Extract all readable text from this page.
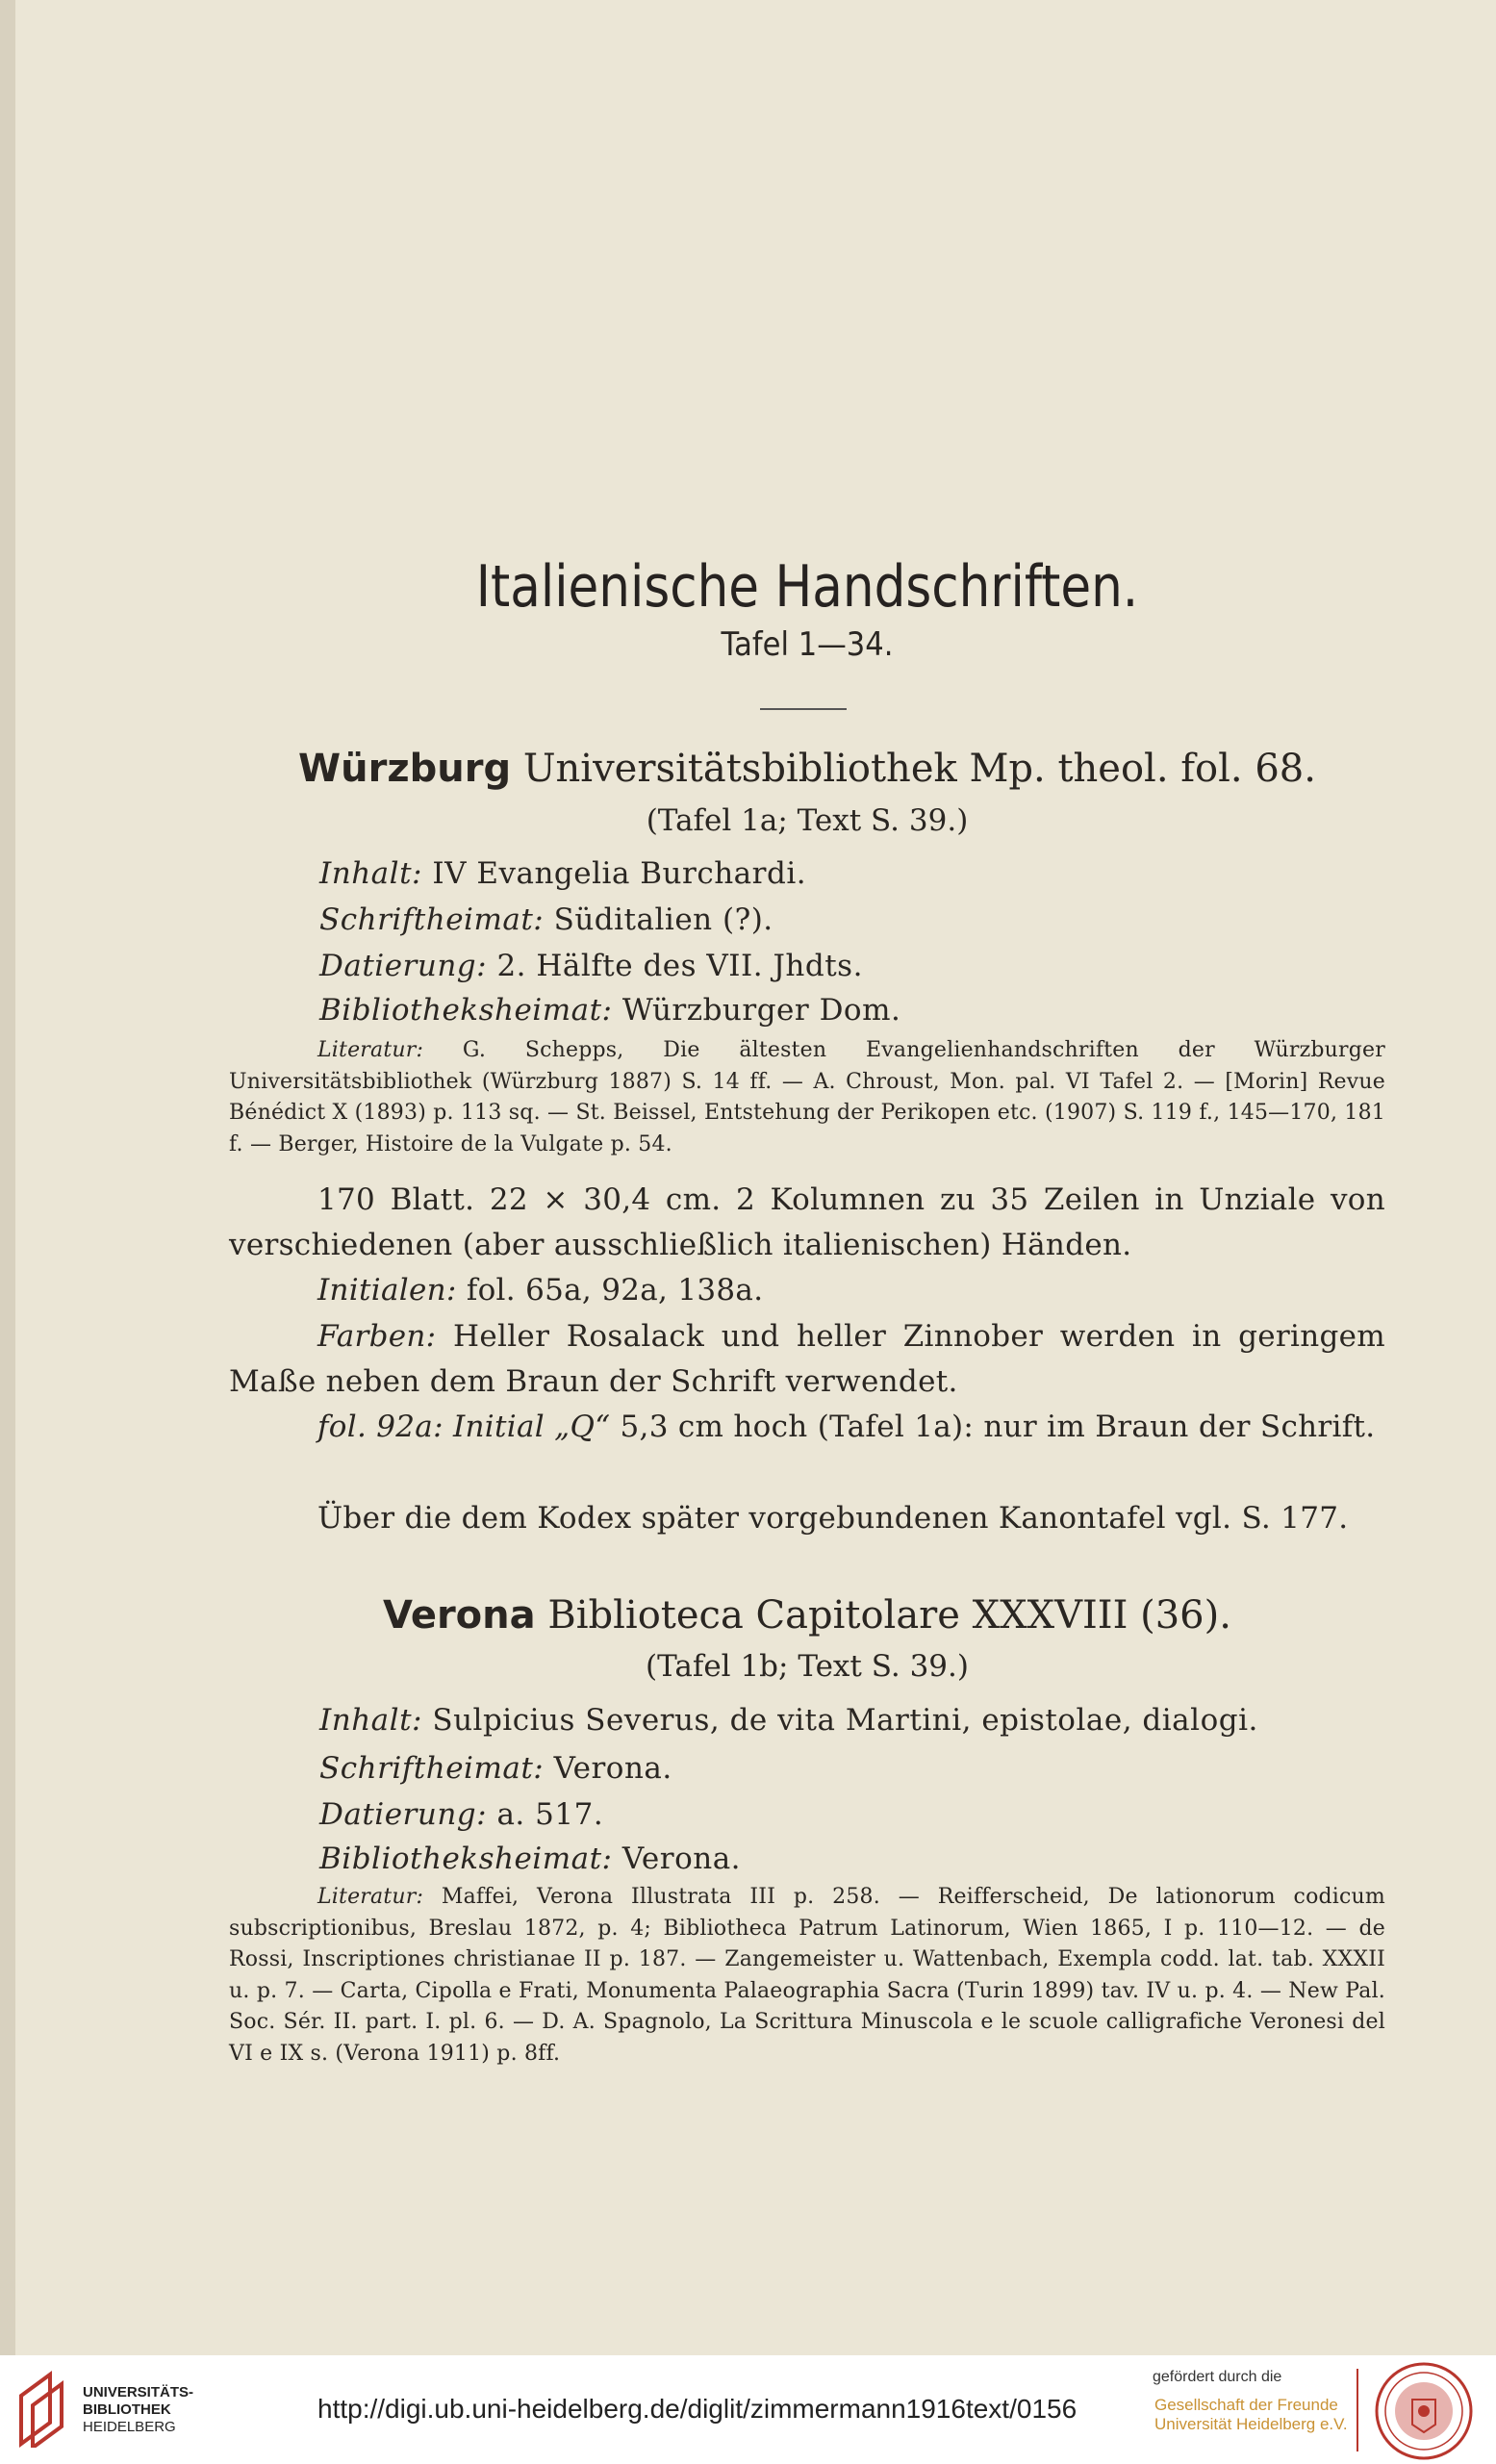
Italienische Handschriften.
Tafel 1—34.
Würzburg Universitätsbibliothek Mp. theol. fol. 68.
(Tafel 1a; Text S. 39.)
Inhalt: IV Evangelia Burchardi.
Schriftheimat: Süditalien (?).
Datierung: 2. Hälfte des VII. Jhdts.
Bibliotheksheimat: Würzburger Dom.
Literatur: G. Schepps, Die ältesten Evangelienhandschriften der Würzburger Universitätsbibliothek (Würzburg 1887) S. 14 ff. — A. Chroust, Mon. pal. VI Tafel 2. — [Morin] Revue Bénédict X (1893) p. 113 sq. — St. Beissel, Entstehung der Perikopen etc. (1907) S. 119 f., 145—170, 181 f. — Berger, Histoire de la Vulgate p. 54.
170 Blatt. 22 × 30,4 cm. 2 Kolumnen zu 35 Zeilen in Unziale von verschiedenen (aber ausschließlich italienischen) Händen.
Initialen: fol. 65a, 92a, 138a.
Farben: Heller Rosalack und heller Zinnober werden in geringem Maße neben dem Braun der Schrift verwendet.
fol. 92a: Initial „Q“ 5,3 cm hoch (Tafel 1a): nur im Braun der Schrift.
Über die dem Kodex später vorgebundenen Kanontafel vgl. S. 177.
Verona Biblioteca Capitolare XXXVIII (36).
(Tafel 1b; Text S. 39.)
Inhalt: Sulpicius Severus, de vita Martini, epistolae, dialogi.
Schriftheimat: Verona.
Datierung: a. 517.
Bibliotheksheimat: Verona.
Literatur: Maffei, Verona Illustrata III p. 258. — Reifferscheid, De lationorum codicum subscriptionibus, Breslau 1872, p. 4; Bibliotheca Patrum Latinorum, Wien 1865, I p. 110—12. — de Rossi, Inscriptiones christianae II p. 187. — Zangemeister u. Wattenbach, Exempla codd. lat. tab. XXXII u. p. 7. — Carta, Cipolla e Frati, Monumenta Palaeographia Sacra (Turin 1899) tav. IV u. p. 4. — New Pal. Soc. Sér. II. part. I. pl. 6. — D. A. Spagnolo, La Scrittura Minuscola e le scuole calligrafiche Veronesi del VI e IX s. (Verona 1911) p. 8ff.
UNIVERSITÄTS-
BIBLIOTHEK
HEIDELBERG
http://digi.ub.uni-heidelberg.de/diglit/zimmermann1916text/0156
gefördert durch die
Gesellschaft der Freunde
Universität Heidelberg e.V.
